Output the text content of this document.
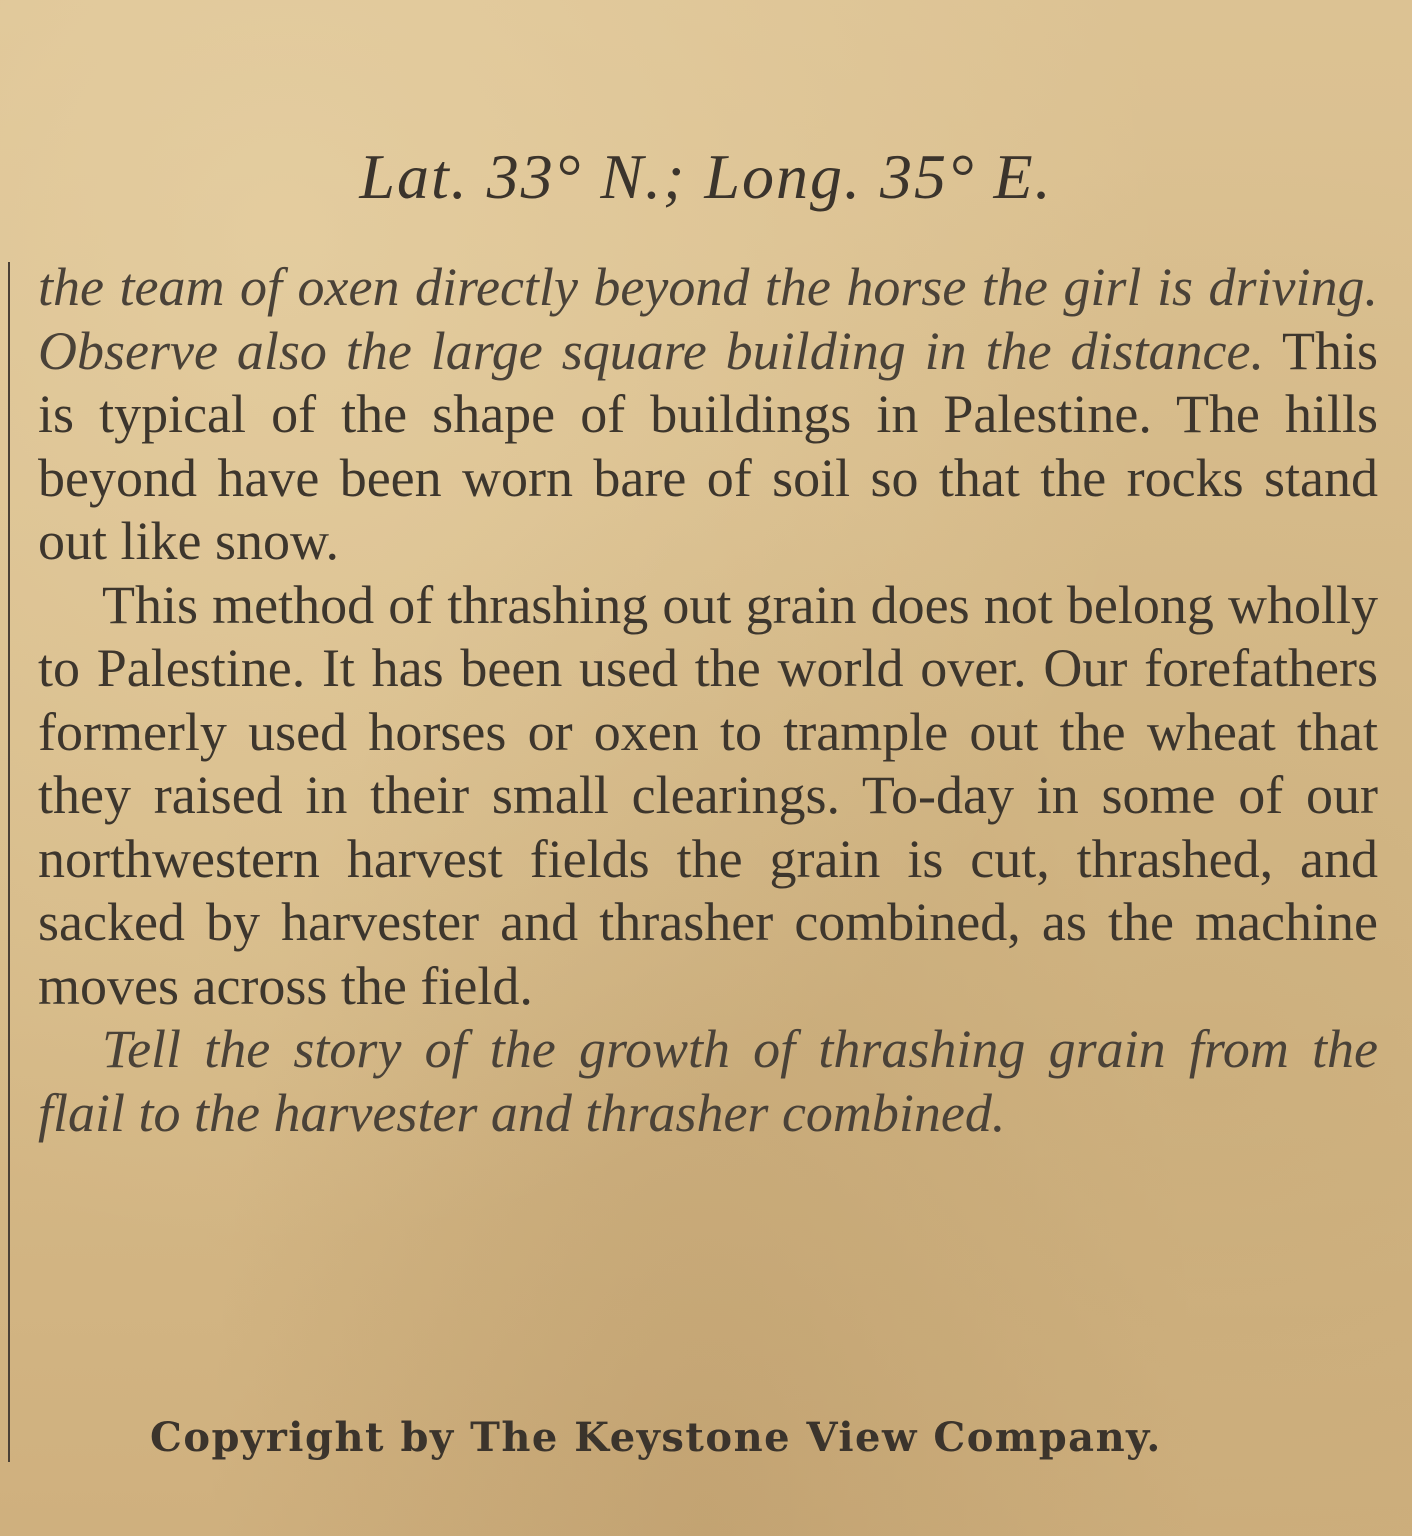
Lat. 33° N.; Long. 35° E.

the team of oxen directly beyond the horse the girl is driving. Observe also the large square building in the distance. This is typical of the shape of buildings in Palestine. The hills beyond have been worn bare of soil so that the rocks stand out like snow.

This method of thrashing out grain does not belong wholly to Palestine. It has been used the world over. Our forefathers formerly used horses or oxen to trample out the wheat that they raised in their small clearings. To-day in some of our northwestern harvest fields the grain is cut, thrashed, and sacked by harvester and thrasher combined, as the machine moves across the field.

Tell the story of the growth of thrashing grain from the flail to the harvester and thrasher combined.

Copyright by The Keystone View Company.
